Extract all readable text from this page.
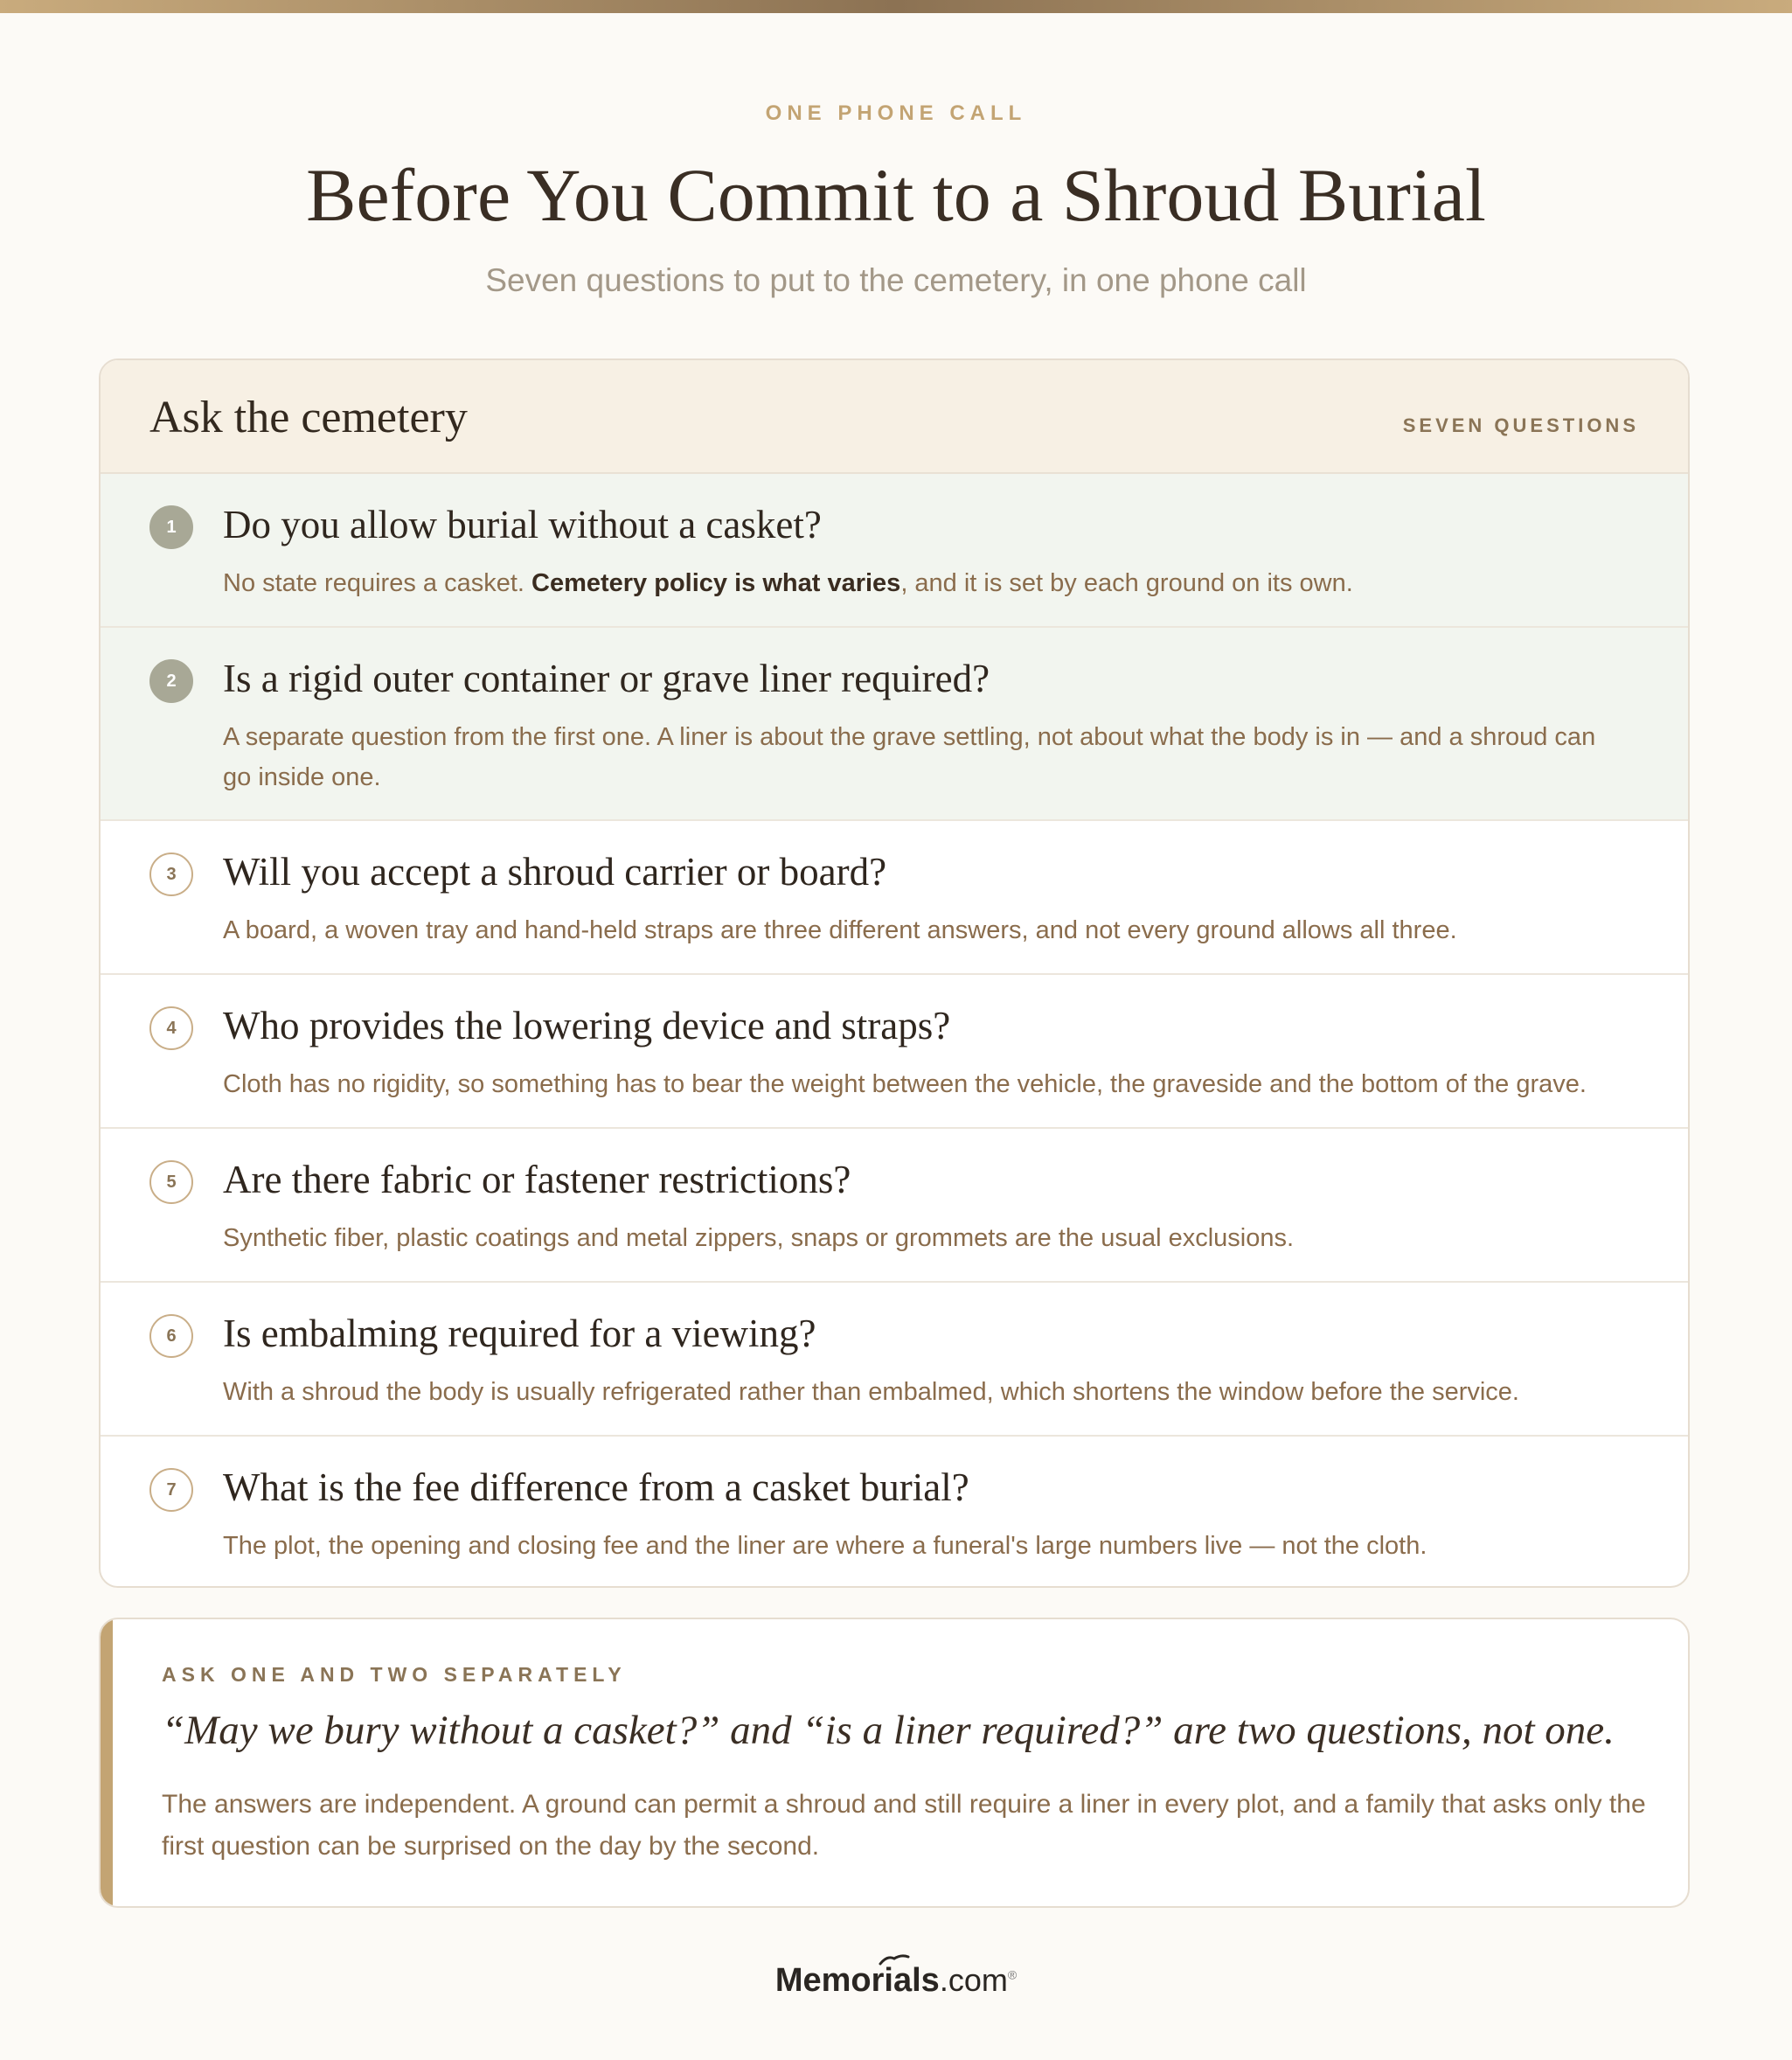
ONE PHONE CALL
Before You Commit to a Shroud Burial
Seven questions to put to the cemetery, in one phone call
Ask the cemetery	SEVEN QUESTIONS
1	Do you allow burial without a casket?
No state requires a casket. Cemetery policy is what varies, and it is set by each ground on its own.
2	Is a rigid outer container or grave liner required?
A separate question from the first one. A liner is about the grave settling, not about what the body is in — and a shroud can go inside one.
3	Will you accept a shroud carrier or board?
A board, a woven tray and hand-held straps are three different answers, and not every ground allows all three.
4	Who provides the lowering device and straps?
Cloth has no rigidity, so something has to bear the weight between the vehicle, the graveside and the bottom of the grave.
5	Are there fabric or fastener restrictions?
Synthetic fiber, plastic coatings and metal zippers, snaps or grommets are the usual exclusions.
6	Is embalming required for a viewing?
With a shroud the body is usually refrigerated rather than embalmed, which shortens the window before the service.
7	What is the fee difference from a casket burial?
The plot, the opening and closing fee and the liner are where a funeral's large numbers live — not the cloth.
ASK ONE AND TWO SEPARATELY
“May we bury without a casket?” and “is a liner required?” are two questions, not one.
The answers are independent. A ground can permit a shroud and still require a liner in every plot, and a family that asks only the first question can be surprised on the day by the second.
Memorials.com®
